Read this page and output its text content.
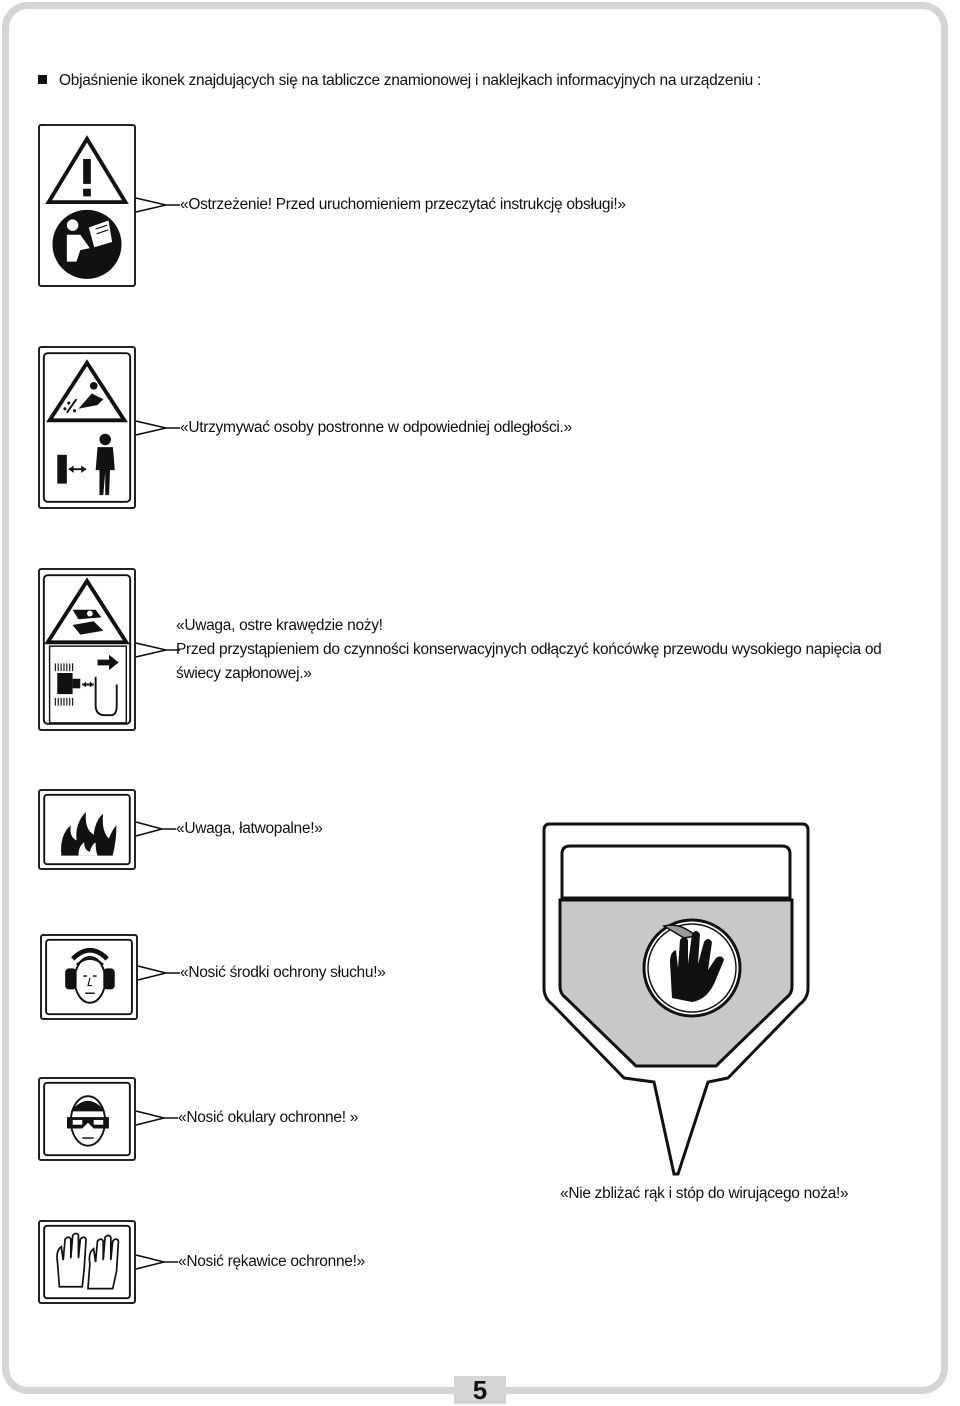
Objaśnienie ikonek znajdujących się na tabliczce znamionowej i naklejkach informacyjnych na urządzeniu :
«Ostrzeżenie! Przed uruchomieniem przeczytać instrukcję obsługi!»
«Utrzymywać osoby postronne w odpowiedniej odległości.»

«Uwaga, ostre krawędzie noży!

Przed przystąpieniem do czynności konserwacyjnych odłączyć końcówkę przewodu wysokiego napięcia od świecy zapłonowej.»

«Uwaga, łatwopalne!»
«Nosić środki ochrony słuchu!»
«Nosić okulary ochronne! »
«Nosić rękawice ochronne!»
«Nie zbliżać rąk i stóp do wirującego noża!»
5
